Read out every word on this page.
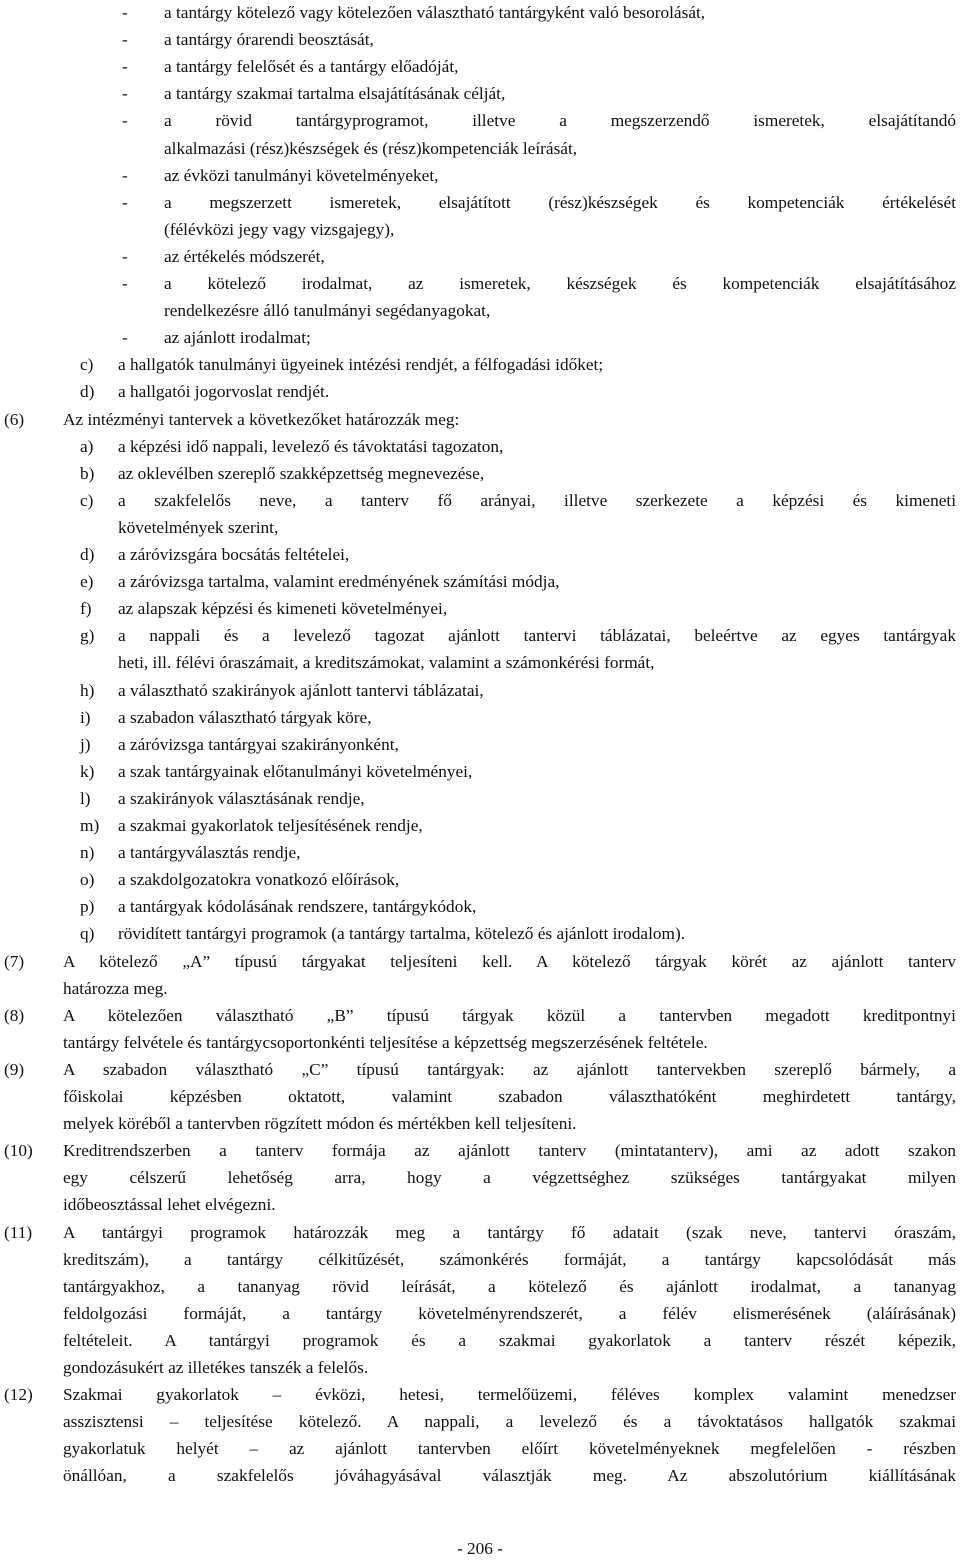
- a tantárgy kötelező vagy kötelezően választható tantárgyként való besorolását,
- a tantárgy órarendi beosztását,
- a tantárgy felelősét és a tantárgy előadóját,
- a tantárgy szakmai tartalma elsajátításának célját,
- a rövid tantárgyprogramot, illetve a megszerzendő ismeretek, elsajátítandó
alkalmazási (rész)készségek és (rész)kompetenciák leírását,
- az évközi tanulmányi követelményeket,
- a megszerzett ismeretek, elsajátított (rész)készségek és kompetenciák értékelését
(félévközi jegy vagy vizsgajegy),
- az értékelés módszerét,
- a kötelező irodalmat, az ismeretek, készségek és kompetenciák elsajátításához
rendelkezésre álló tanulmányi segédanyagokat,
- az ajánlott irodalmat;
c) a hallgatók tanulmányi ügyeinek intézési rendjét, a félfogadási időket;
d) a hallgatói jogorvoslat rendjét.
(6) Az intézményi tantervek a következőket határozzák meg:
a) a képzési idő nappali, levelező és távoktatási tagozaton,
b) az oklevélben szereplő szakképzettség megnevezése,
c) a szakfelelős neve, a tanterv fő arányai, illetve szerkezete a képzési és kimeneti
követelmények szerint,
d) a záróvizsgára bocsátás feltételei,
e) a záróvizsga tartalma, valamint eredményének számítási módja,
f) az alapszak képzési és kimeneti követelményei,
g) a nappali és a levelező tagozat ajánlott tantervi táblázatai, beleértve az egyes tantárgyak
heti, ill. félévi óraszámait, a kreditszámokat, valamint a számonkérési formát,
h) a választható szakirányok ajánlott tantervi táblázatai,
i) a szabadon választható tárgyak köre,
j) a záróvizsga tantárgyai szakirányonként,
k) a szak tantárgyainak előtanulmányi követelményei,
l) a szakirányok választásának rendje,
m) a szakmai gyakorlatok teljesítésének rendje,
n) a tantárgyválasztás rendje,
o) a szakdolgozatokra vonatkozó előírások,
p) a tantárgyak kódolásának rendszere, tantárgykódok,
q) rövidített tantárgyi programok (a tantárgy tartalma, kötelező és ajánlott irodalom).
(7) A kötelező „A” típusú tárgyakat teljesíteni kell. A kötelező tárgyak körét az ajánlott tanterv
határozza meg.
(8) A kötelezően választható „B” típusú tárgyak közül a tantervben megadott kreditpontnyi
tantárgy felvétele és tantárgycsoportonkénti teljesítése a képzettség megszerzésének feltétele.
(9) A szabadon választható „C” típusú tantárgyak: az ajánlott tantervekben szereplő bármely, a
főiskolai képzésben oktatott, valamint szabadon választhatóként meghirdetett tantárgy,
melyek köréből a tantervben rögzített módon és mértékben kell teljesíteni.
(10) Kreditrendszerben a tanterv formája az ajánlott tanterv (mintatanterv), ami az adott szakon
egy célszerű lehetőség arra, hogy a végzettséghez szükséges tantárgyakat milyen
időbeosztással lehet elvégezni.
(11) A tantárgyi programok határozzák meg a tantárgy fő adatait (szak neve, tantervi óraszám,
kreditszám), a tantárgy célkitűzését, számonkérés formáját, a tantárgy kapcsolódását más
tantárgyakhoz, a tananyag rövid leírását, a kötelező és ajánlott irodalmat, a tananyag
feldolgozási formáját, a tantárgy követelményrendszerét, a félév elismerésének (aláírásának)
feltételeit. A tantárgyi programok és a szakmai gyakorlatok a tanterv részét képezik,
gondozásukért az illetékes tanszék a felelős.
(12) Szakmai gyakorlatok – évközi, hetesi, termelőüzemi, féléves komplex valamint menedzser
asszisztensi – teljesítése kötelező. A nappali, a levelező és a távoktatásos hallgatók szakmai
gyakorlatuk helyét – az ajánlott tantervben előírt követelményeknek megfelelően - részben
önállóan, a szakfelelős jóváhagyásával választják meg. Az abszolutórium kiállításának
- 206 -
